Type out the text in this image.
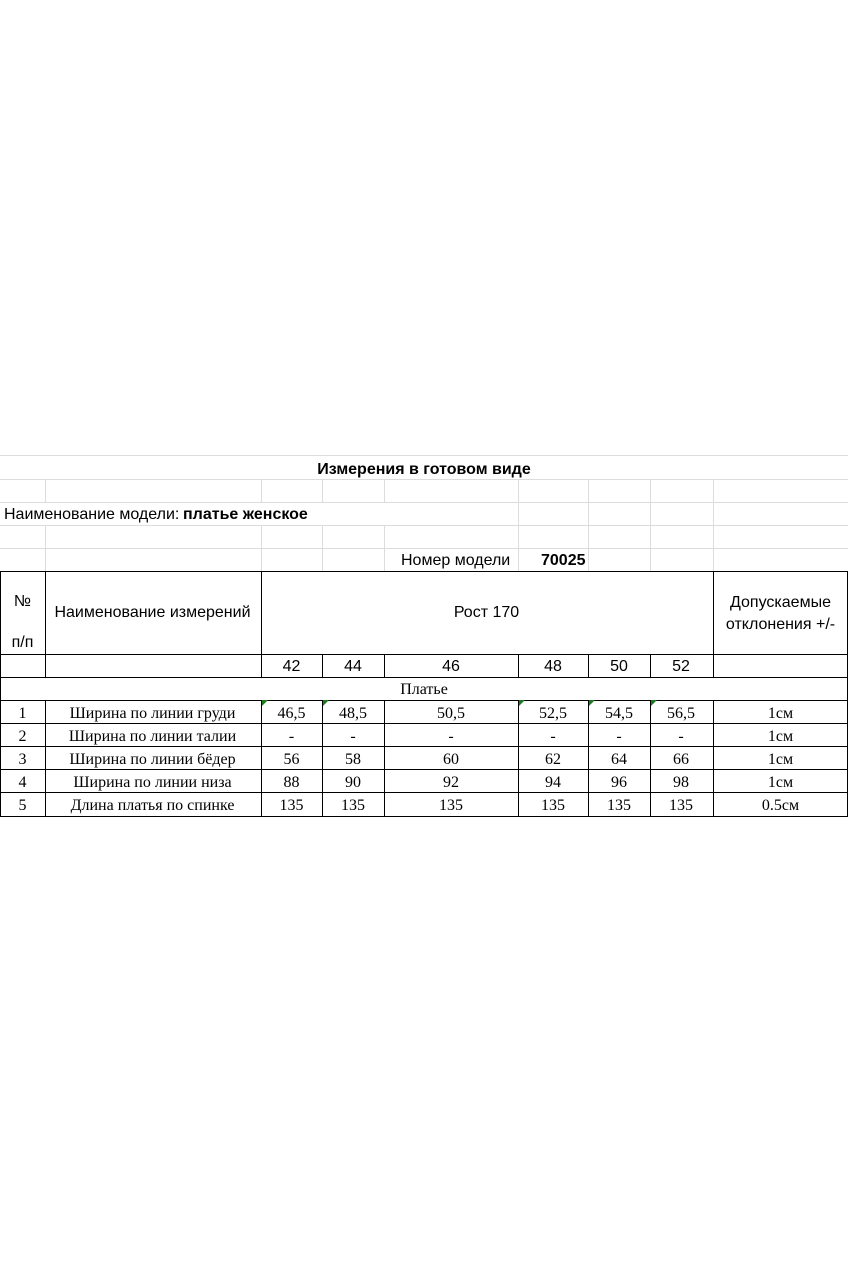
Измерения в готовом виде
Наименование модели: платье женское
Номер модели 70025
№
п/п
Наименование измерений	Рост 170
Допускаемые
отклонения +/-
42	44	46	48	50	52
Платье
1	Ширина по линии груди	46,5	48,5	50,5	52,5	54,5	56,5	1см
2	Ширина по линии талии	-	-	-	-	-	-	1см
3	Ширина по линии бёдер	56	58	60	62	64	66	1см
4	Ширина по линии низа	88	90	92	94	96	98	1см
5	Длина платья по спинке	135	135	135	135	135	135	0.5см
